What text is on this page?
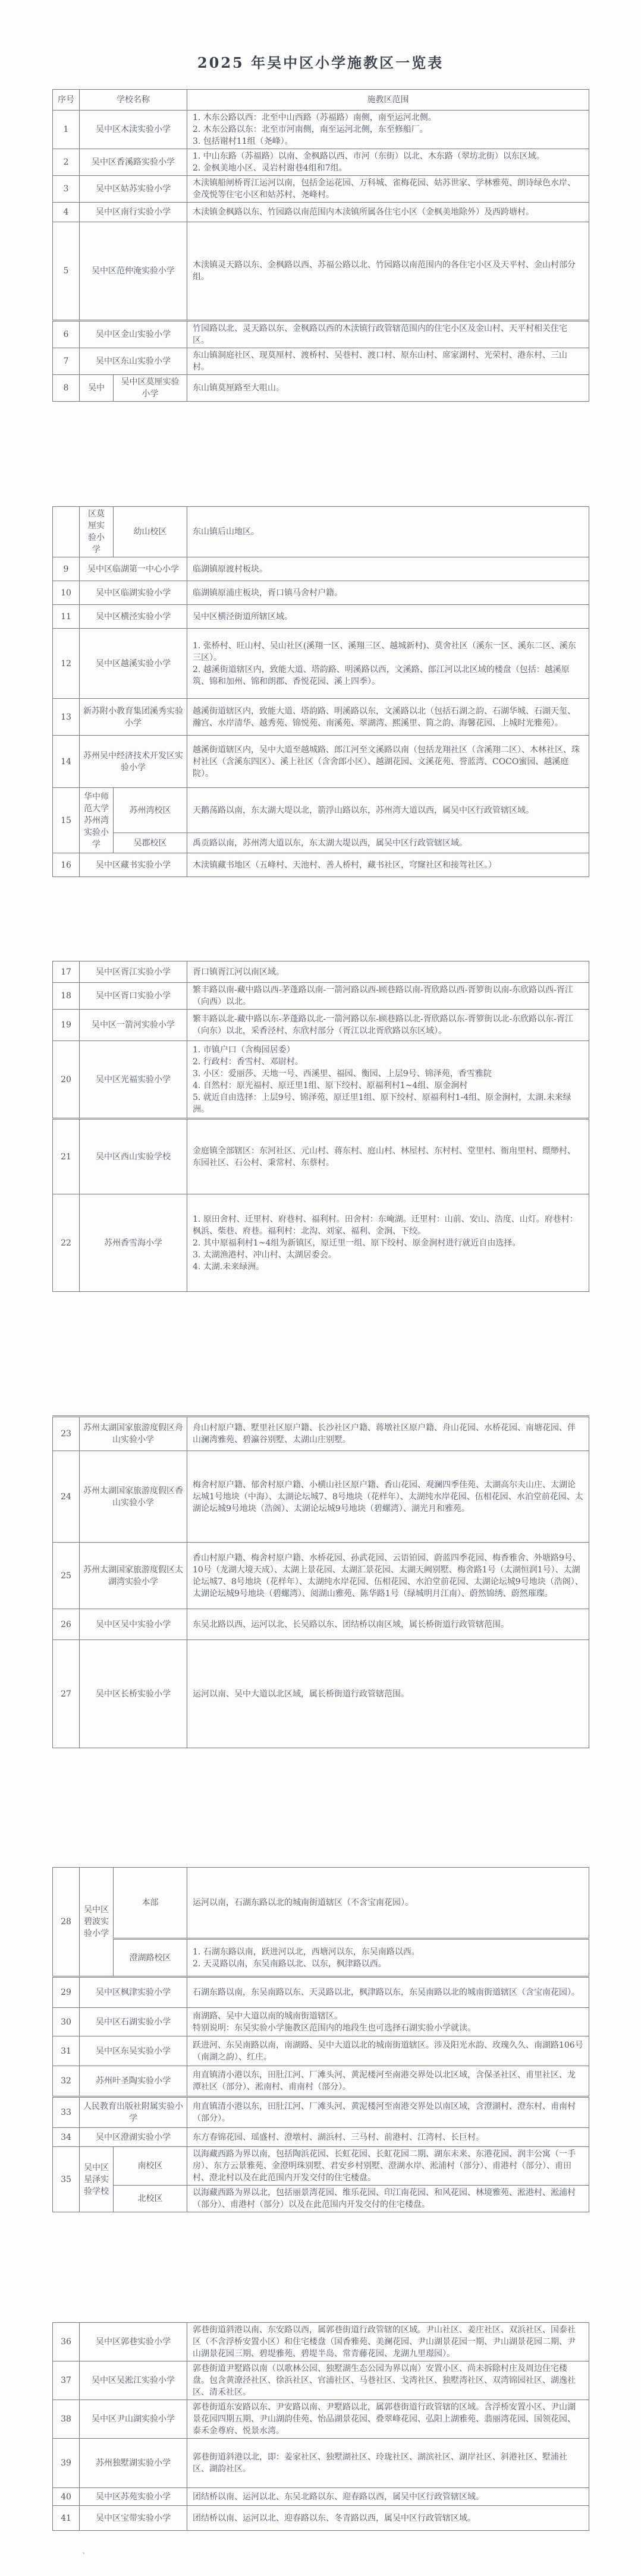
2025 年吴中区小学施教区一览表
、
序号	学校名称		施教区范围
1	吴中区木渎实验小学		1. 木东公路以西：北至中山西路（苏福路）南侧，南至运河北侧。
2. 木东公路以东：北至市河南侧，南至运河北侧，东至修船厂。
3. 包括谢村11组（尧峰）。

2	吴中区香溪路实验小学		1. 中山东路（苏福路）以南、金枫路以西、市河（东街）以北、木东路（翠坊北街）以东区域。
2. 金枫美地小区、灵岩村谢巷4组和7组。

3	吴中区姑苏实验小学		木渎镇船闸桥胥江运河以南，包括金运花园、万科城、雀梅花园、姑苏世家、学林雅苑、朗诗绿色水岸、金茂悦等住宅小区和姑苏村、尧峰村。
4	吴中区南行实验小学		木渎镇金枫路以东、竹园路以南范围内木渎镇所属各住宅小区（金枫美地除外）及西跨塘村。
5	吴中区范仲淹实验小学		木渎镇灵天路以东、金枫路以西、苏福公路以北、竹园路以南范围内的各住宅小区及天平村、金山村部分组。
6	吴中区金山实验小学		竹园路以北、灵天路以东、金枫路以西的木渎镇行政管辖范围内的住宅小区及金山村、天平村相关住宅区。
7	吴中区东山实验小学		东山镇洞庭社区、现莫厘村、渡桥村、吴巷村、渡口村、原东山村、席家湖村、光荣村、港东村、三山村。
8	吴中	吴中区莫厘实验小学	东山镇莫厘路至大咀山。

	区莫
厘实
验小
学	幼山校区	东山镇后山地区。
9	吴中区临湖第一中心小学		临湖镇原渡村板块。
10	吴中区临湖实验小学		临湖镇原浦庄板块，胥口镇马舍村户籍。
11	吴中区横泾实验小学		吴中区横泾街道所辖区域。
12	吴中区越溪实验小学		1. 张桥村、旺山村、吴山社区(溪翔一区、溪翔三区、越城新村)、莫舍社区（溪东一区、溪东二区、溪东三区）。
2. 越溪街道辖区内，致能大道、塔韵路、明溪路以西，文溪路、郎江河以北区域的楼盘（包括：越溪原筑、锦和加州、锦和朗郡、香悦花园、溪上四季）。

13	新苏附小教育集团溪秀实验小学		越溪街道辖区内，致能大道、塔韵路、明溪路以东，文溪路以北（包括石湖之韵、石湖华城、石湖天玺、瀚宫、水岸清华、越秀苑、锦悦苑、南溪苑、翠湖湾、熙溪里、简之韵、海馨花园、上城时光雅苑）。
14	苏州吴中经济技术开发区实验小学		越溪街道辖区内，吴中大道至越城路、郎江河至文溪路以南（包括龙翔社区（含溪翔二区）、木林社区、珠村社区（含溪东四区）、溪上社区（含舍郎小区）、越湖花园、文溪花苑、誉蓝湾、COCO蜜园、越溪庭院）。
15	华中师
范大学
苏州湾
实验小
学	苏州湾校区	天鹅荡路以南，东太湖大堤以北，箭浮山路以东，苏州湾大道以西，属吴中区行政管辖区域。
		吴郡校区	禹贡路以南，苏州湾大道以东，东太湖大堤以西，属吴中区行政管辖区域。
16	吴中区藏书实验小学		木渎镇藏书地区（五峰村、天池村、善人桥村，藏书社区，穹窿社区和接驾社区。）
17	吴中区胥江实验小学	胥口镇胥江河以南区域。
18	吴中区胥口实验小学	繁丰路以南-藏中路以西-茅蓬路以南-一箭河路以西-顾巷路以南-胥欣路以西-胥箩街以南-东欣路以西-胥江（向西）以北。
19	吴中区一箭河实验小学	繁丰路以北-藏中路以东-茅蓬路以北-一箭河路以东-顾巷路以北-胥欣路以东-胥箩街以北-东欣路以东-胥江（向东）以北，采香泾村、东欣村部分（胥江以北胥欣路以东区域）。
20	吴中区光福实验小学	1. 市镇户口（含梅园居委）
2. 行政村：香雪村、邓尉村。
3. 小区：爱丽莎、天地一号、西溪里、福园、衡园、上层9号、锦泽苑，香雪雅院
4. 自然村：原光福村、原迁里1组、原下绞村、原福利村1~4组、原金涧村
5. 就近自由选择：上层9号、锦泽苑、原迁里1组、原下绞村、原福利村1-4组、原金涧村，太湖.未来绿洲。

21	吴中区西山实验学校	金庭镇全部辖区：东河社区、元山村、蒋东村、庭山村、林屋村、东村村、堂里村、衙甪里村、缥缈村、东园社区、石公村、秉常村、东蔡村。
22	苏州香雪海小学	1. 原田舍村、迁里村、府巷村、福利村。田舍村：东崦湖。迁里村：山前、安山、浩度、山灯。府巷村：枫浜、柴巷、府巷。福利村：北沟、刘家、福利、金涧、下绞。
2. 其中原福利村1~4组为新镇区，原迁里一组、原下绞村、原金涧村进行就近自由选择。
3. 太湖渔港村、冲山村、太湖居委会。
4. 太湖.未来绿洲。
23	苏州太湖国家旅游度假区舟山实验小学	舟山村原户籍、墅里社区原户籍、长沙社区户籍、蒋墩社区原户籍、舟山花园、水桥花园、南塘花园、伴山澜湾雅苑、碧瀛谷别墅、太湖山庄别墅。
24	苏州太湖国家旅游度假区香山实验小学	梅舍村原户籍、郁舍村原户籍、小横山社区原户籍、香山花园、观澜四季佳苑、太湖高尔夫山庄、太湖论坛城1号地块（中海）、太湖论坛城7、8号地块（花样年）、太湖纯水岸花园、伍相花园、水泊堂前花园、太湖论坛城9号地块（浩阁）、太湖论坛城9号地块（碧螺湾）、湖光月和雅苑。
25	苏州太湖国家旅游度假区太湖湾实验小学	香山村原户籍、梅舍村原户籍、水桥花园、孙武花园、云语铂园、蔚蓝四季花园、梅香雅舍、外塘路9号、10号（龙湖大境天成）、太湖上景花园、太湖汇景花园、太湖天阙别墅、梅舍路1号（太湖恒润1号）、太湖论坛城7、8号地块（花样年）、太湖纯水岸花园、伍相花园、水泊堂前花园、太湖论坛城9号地块（浩阁）、太湖论坛城9号地块（碧螺湾）、阅湖山雅苑、陈华路1号（绿城明月江南）、蔚然锦绣、蔚然璀璨。
26	吴中区吴中实验小学	东吴北路以西、运河以北、长吴路以东、团结桥以南区域，属长桥街道行政管辖范围。
27	吴中区长桥实验小学	运河以南、吴中大道以北区域，属长桥街道行政管辖范围。
28	吴中区
碧波实
验小学	本部	运河以南，石湖东路以北的城南街道辖区（不含宝南花园）。
		澄湖路校区	1. 石湖东路以南，跃进河以北，西塘河以东，东吴南路以西。
2. 天灵路以南，东吴南路以北、以东，枫津路以西。

29	吴中区枫津实验小学		石湖东路以南，东吴南路以东、天灵路以北，枫津路以东，东吴南路以北的城南街道辖区（含宝南花园）。
30	吴中区石湖实验小学		南湖路、吴中大道以南的城南街道辖区。
特别说明：东吴实验小学施教区范围内的地段生也可选择石湖实验小学就读。

31	吴中区东吴实验小学		跃进河、东吴南路以南，南湖路、吴中大道以北的城南街道辖区。涉及阳光水韵、玫瑰久久、南湖路106号（南湖之韵）、红庄。
32	苏州叶圣陶实验小学		甪直镇清小港以东，田肚江河、厂滩头河、黄泥楼河至南港交界处以北区域，含保圣社区、甫里社区、龙潭社区（部分）、淞南村、甫南村（部分）。
33	人民教育出版社附属实验小学		甪直镇清小港以东，田肚江河、厂滩头河、黄泥楼河至南港交界处以南区域，含澄湖村、澄东村、甫南村（部分）。
34	吴中区澄湖实验小学		东方春锦花园、瑶盛村、澄墩村、湖浜村、三马村、前港村、江湾村、长巨村。
35	吴中区
星泽实
验学校	南校区	以海藏西路为界以南，包括陶浜花园、长虹花园、长虹花园二期、湖东未来、东港花园、润丰公寓（一手房）、东方云景雅苑、金澄明珠别墅、君安乡村别墅、澄湖水岸、淞浦村（部分）、甫港村（部分）、甫田村、澄北村以及在此范围内开发交付的住宅楼盘。
		北校区	以海藏西路为界以北，包括丽景湾花园、维乐花园、印江南花园、和风花园、林境雅苑、淞港村、淞浦村（部分）、甫港村（部分）以及在此范围内开发交付的住宅楼盘。
36	吴中区郭巷实验小学	郭巷街道斜港以南、东安路以西，属郭巷街道行政管辖的区域。尹山社区、姜庄社区、双浜社区、国泰社区（不含浮桥安置小区）和住宅楼盘（国香雅苑、美澜花园、尹山湖景花园一期、尹山湖景花园二期、尹山湖景花园三期、碧堤雅苑、碧堤半岛、常青藤花园、龙湖九里璟园）。
37	吴中区吴淞江实验小学	郭巷街道尹墅路以南（以歌林公园、独墅湖生态公园为界以南）安置小区、尚未拆除村庄及周边住宅楼盘。包含黄潦泾社区、徐浜社区、官浦社区、马巷社区、戈湾社区、独墅湾社区、双湾锦园社区、湖逸社区、清禾社区。
38	吴中区尹山湖实验小学	郭巷街道东安路以东、尹安路以南、尹墅路以北，属郭巷街道行政管辖的区域。含浮桥安置小区、尹山湖景花园四期五期、尹山湖韵佳苑、怡品湖景花园、叠翠峰花园、弘阳上湖雅苑、翡丽湾花园、国领花园、泰禾金尊府、悦景水湾。
39	苏州独墅湖实验小学	郭巷街道斜港以北，即：姜家社区、独墅湖社区、玲珑社区、湖滨社区、湖岸社区、斜港社区、墅浦社区、湖韵社区。
40	吴中区苏苑实验小学	团结桥以南、运河以北、东吴北路以东、迎春路以西，属吴中区行政管辖区域。
41	吴中区宝带实验小学	团结桥以南、运河以北、迎春路以东、冬青路以西，属吴中区行政管辖区域。
